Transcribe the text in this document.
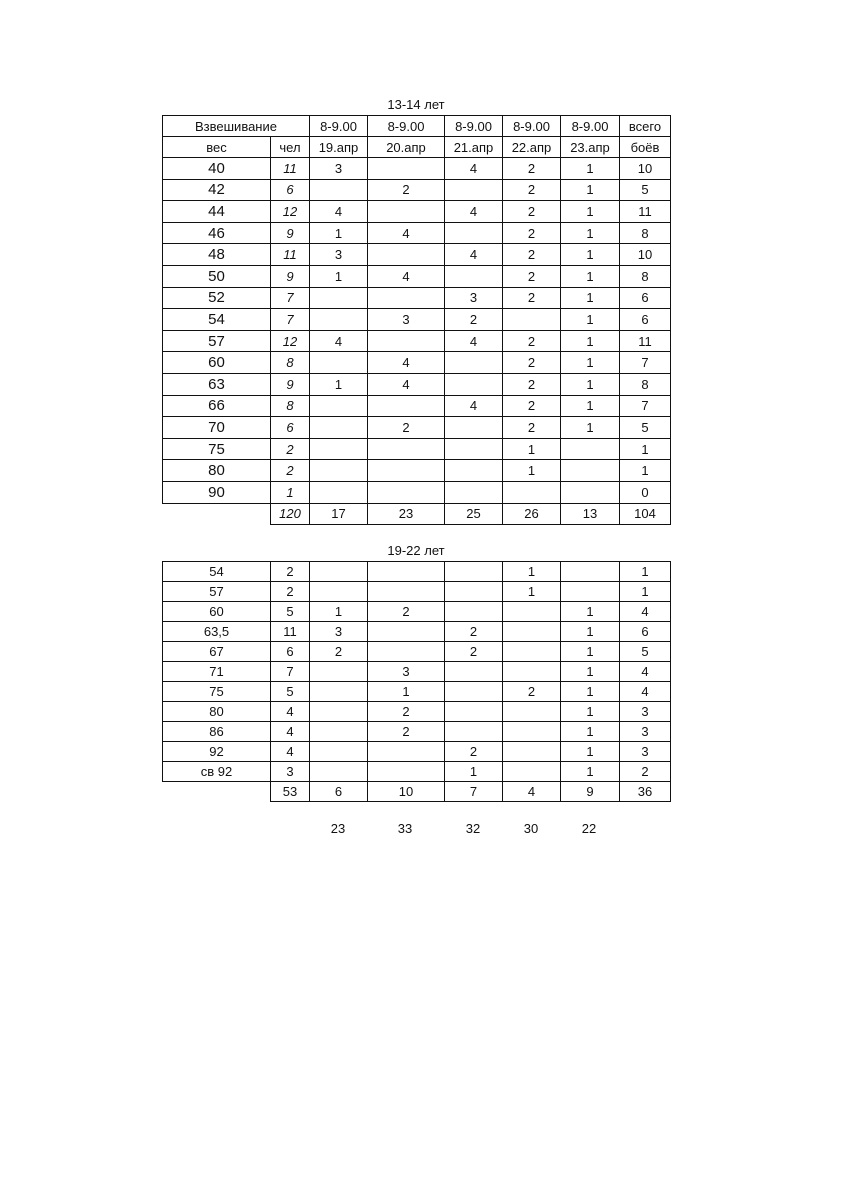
13-14 лет
Взвешивание		8-9.00	8-9.00	8-9.00	8-9.00	8-9.00	всего
вес	чел	19.апр	20.апр	21.апр	22.апр	23.апр	боёв
40	11	3		4	2	1	10
42	6		2		2	1	5
44	12	4		4	2	1	11
46	9	1	4		2	1	8
48	11	3		4	2	1	10
50	9	1	4		2	1	8
52	7			3	2	1	6
54	7		3	2		1	6
57	12	4		4	2	1	11
60	8		4		2	1	7
63	9	1	4		2	1	8
66	8			4	2	1	7
70	6		2		2	1	5
75	2				1		1
80	2				1		1
90	1						0
	120	17	23	25	26	13	104
19-22 лет
54	2				1		1
57	2				1		1
60	5	1	2			1	4
63,5	11	3		2		1	6
67	6	2		2		1	5
71	7		3			1	4
75	5		1		2	1	4
80	4		2			1	3
86	4		2			1	3
92	4			2		1	3
св 92	3			1		1	2
	53	6	10	7	4	9	36
23	33	32	30	22
